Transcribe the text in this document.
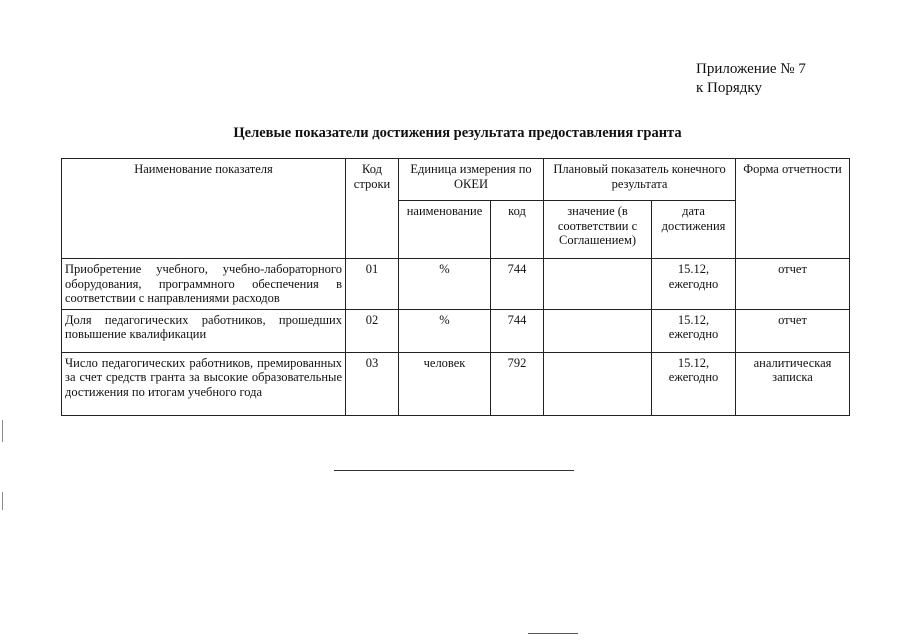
Приложение № 7
к Порядку
Целевые показатели достижения результата предоставления гранта
Наименование показателя	Код строки	Единица измерения по ОКЕИ		Плановый показатель конечного результата		Форма отчетности
		наименование	код	значение (в соответствии с Соглашением)	дата достижения	
Приобретение учебного, учебно-лабораторного оборудования, программного обеспечения в соответствии с направлениями расходов	01	%	744		15.12, ежегодно	отчет
Доля педагогических работников, прошедших повышение квалификации	02	%	744		15.12, ежегодно	отчет
Число педагогических работников, премированных за счет средств гранта за высокие образовательные достижения по итогам учебного года	03	человек	792		15.12, ежегодно	аналитическая записка
